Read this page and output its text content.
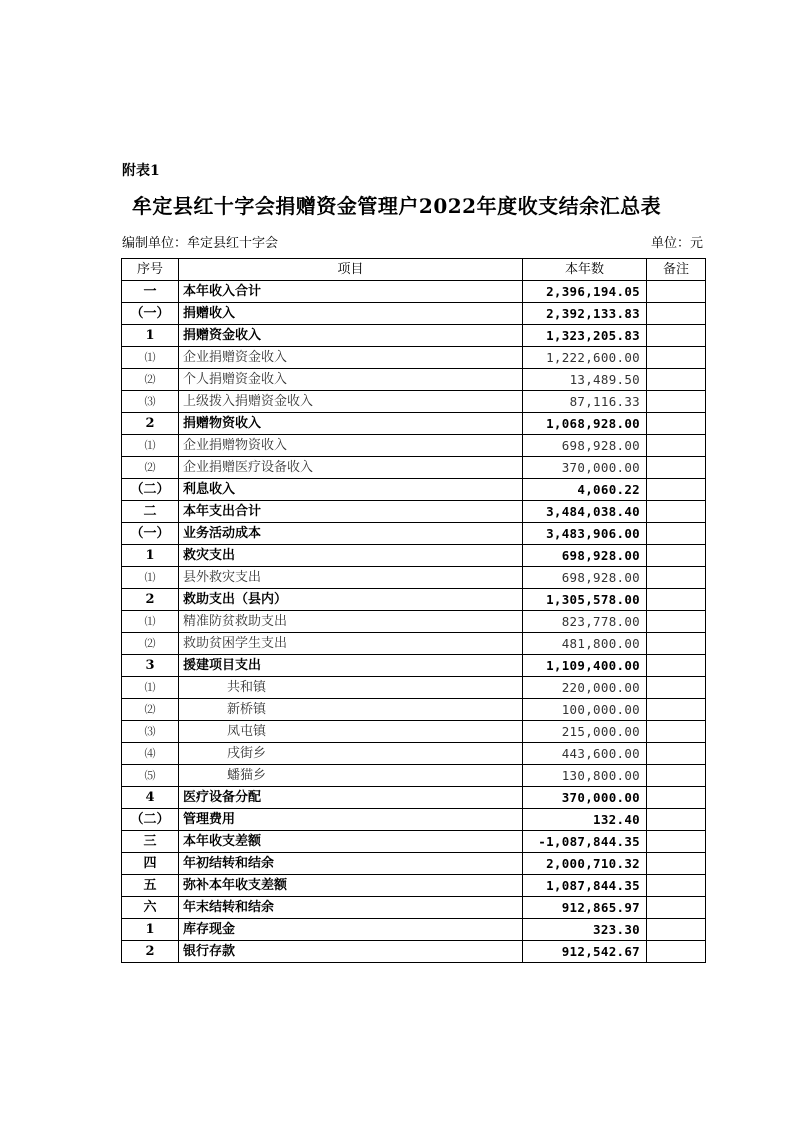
附表1
牟定县红十字会捐赠资金管理户2022年度收支结余汇总表
编制单位：牟定县红十字会	单位：元
序号	项目	本年数	备注
一	本年收入合计	2,396,194.05	
（一）	捐赠收入	2,392,133.83	
1	捐赠资金收入	1,323,205.83	
⑴	企业捐赠资金收入	1,222,600.00	
⑵	个人捐赠资金收入	13,489.50	
⑶	上级拨入捐赠资金收入	87,116.33	
2	捐赠物资收入	1,068,928.00	
⑴	企业捐赠物资收入	698,928.00	
⑵	企业捐赠医疗设备收入	370,000.00	
（二）	利息收入	4,060.22	
二	本年支出合计	3,484,038.40	
（一）	业务活动成本	3,483,906.00	
1	救灾支出	698,928.00	
⑴	县外救灾支出	698,928.00	
2	救助支出（县内）	1,305,578.00	
⑴	精准防贫救助支出	823,778.00	
⑵	救助贫困学生支出	481,800.00	
3	援建项目支出	1,109,400.00	
⑴	共和镇	220,000.00	
⑵	新桥镇	100,000.00	
⑶	凤屯镇	215,000.00	
⑷	戌街乡	443,600.00	
⑸	蟠猫乡	130,800.00	
4	医疗设备分配	370,000.00	
（二）	管理费用	132.40	
三	本年收支差额	-1,087,844.35	
四	年初结转和结余	2,000,710.32	
五	弥补本年收支差额	1,087,844.35	
六	年末结转和结余	912,865.97	
1	库存现金	323.30	
2	银行存款	912,542.67	
